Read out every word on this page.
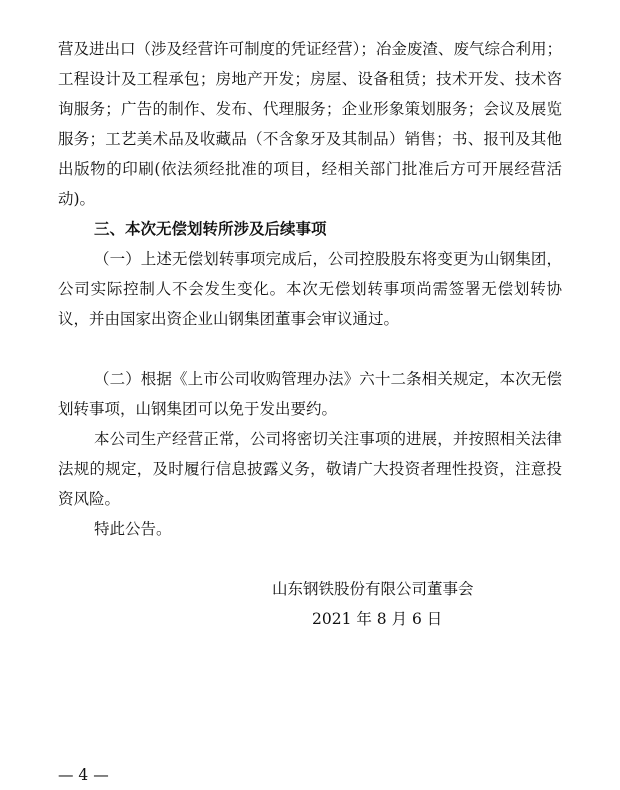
营及进出口（涉及经营许可制度的凭证经营）；冶金废渣、废气综合利用；工程设计及工程承包；房地产开发；房屋、设备租赁；技术开发、技术咨询服务；广告的制作、发布、代理服务；企业形象策划服务；会议及展览服务；工艺美术品及收藏品（不含象牙及其制品）销售；书、报刊及其他出版物的印刷(依法须经批准的项目，经相关部门批准后方可开展经营活动)。

三、本次无偿划转所涉及后续事项

（一）上述无偿划转事项完成后，公司控股股东将变更为山钢集团，公司实际控制人不会发生变化。本次无偿划转事项尚需签署无偿划转协议，并由国家出资企业山钢集团董事会审议通过。

（二）根据《上市公司收购管理办法》六十二条相关规定，本次无偿划转事项，山钢集团可以免于发出要约。

本公司生产经营正常，公司将密切关注事项的进展，并按照相关法律法规的规定，及时履行信息披露义务，敬请广大投资者理性投资，注意投资风险。

特此公告。

山东钢铁股份有限公司董事会

2021 年 8 月 6 日

— 4 —
